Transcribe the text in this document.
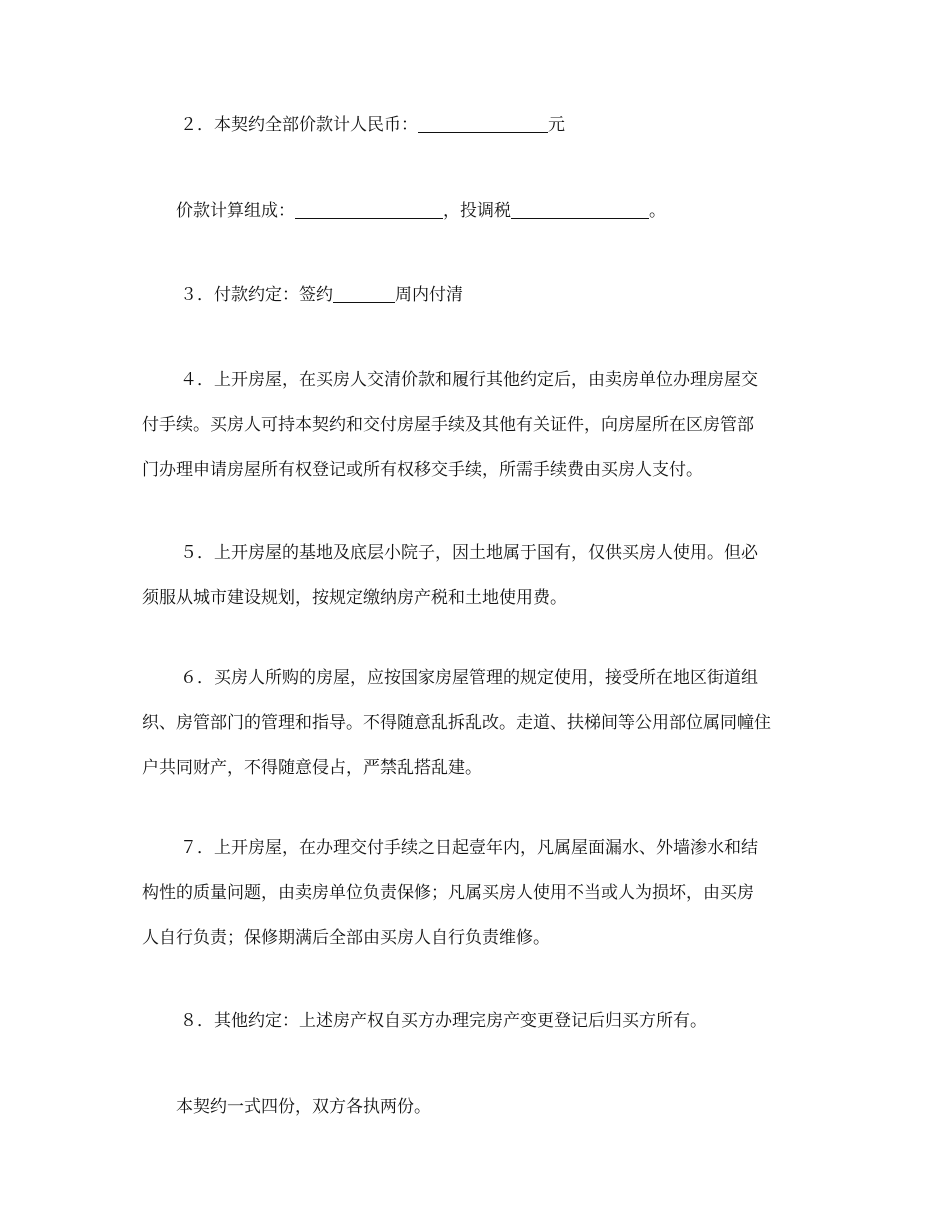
２．本契约全部价款计人民币：	元

价款计算组成：	，投调税	。

３．付款约定：签约	周内付清

４．上开房屋，在买房人交清价款和履行其他约定后，由卖房单位办理房屋交
付手续。买房人可持本契约和交付房屋手续及其他有关证件，向房屋所在区房管部
门办理申请房屋所有权登记或所有权移交手续，所需手续费由买房人支付。

５．上开房屋的基地及底层小院子，因土地属于国有，仅供买房人使用。但必
须服从城市建设规划，按规定缴纳房产税和土地使用费。

６．买房人所购的房屋，应按国家房屋管理的规定使用，接受所在地区街道组
织、房管部门的管理和指导。不得随意乱拆乱改。走道、扶梯间等公用部位属同幢住
户共同财产，不得随意侵占，严禁乱搭乱建。

７．上开房屋，在办理交付手续之日起壹年内，凡属屋面漏水、外墙渗水和结
构性的质量问题，由卖房单位负责保修；凡属买房人使用不当或人为损坏，由买房
人自行负责；保修期满后全部由买房人自行负责维修。

８．其他约定：上述房产权自买方办理完房产变更登记后归买方所有。

本契约一式四份，双方各执两份。
